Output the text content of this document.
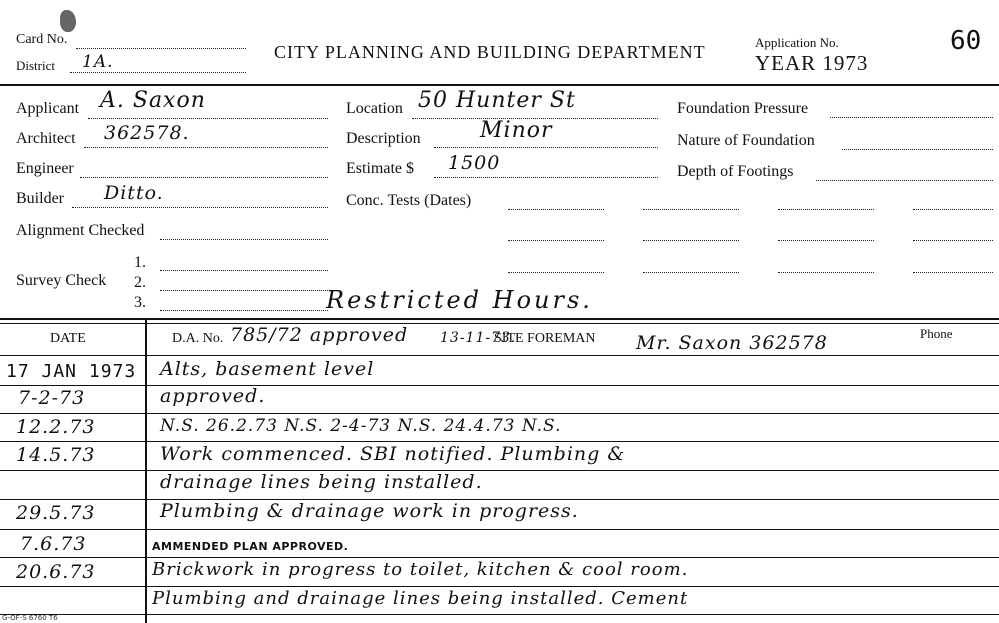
Card No.
District 1A.	CITY PLANNING AND BUILDING DEPARTMENT	Application No.
YEAR 1973
60
Applicant A. Saxon
Architect 362578.
Engineer
Builder Ditto.
Alignment Checked
Survey Check
1.
2.
3.
Location 50 Hunter St
Description	Minor
Estimate $ 1500
Conc. Tests (Dates)
Restricted Hours.
Foundation Pressure
Nature of Foundation
Depth of Footings
DATE	D.A. No. 785/72 approved 13-11-73.
SITE FOREMAN Mr. Saxon 362578	Phone
17 JAN 1973 Alts, basement level
7-2-73	approved.
12.2.73	N.S. 26.2.73 N.S. 2-4-73 N.S. 24.4.73 N.S.
14.5.73	Work commenced. SBI notified. Plumbing &
drainage lines being installed.
29.5.73	Plumbing & drainage work in progress.
7.6.73	AMMENDED PLAN APPROVED.
20.6.73	Brickwork in progress to toilet, kitchen & cool room.
Plumbing and drainage lines being installed. Cement
G-OF-S 6760 T6
